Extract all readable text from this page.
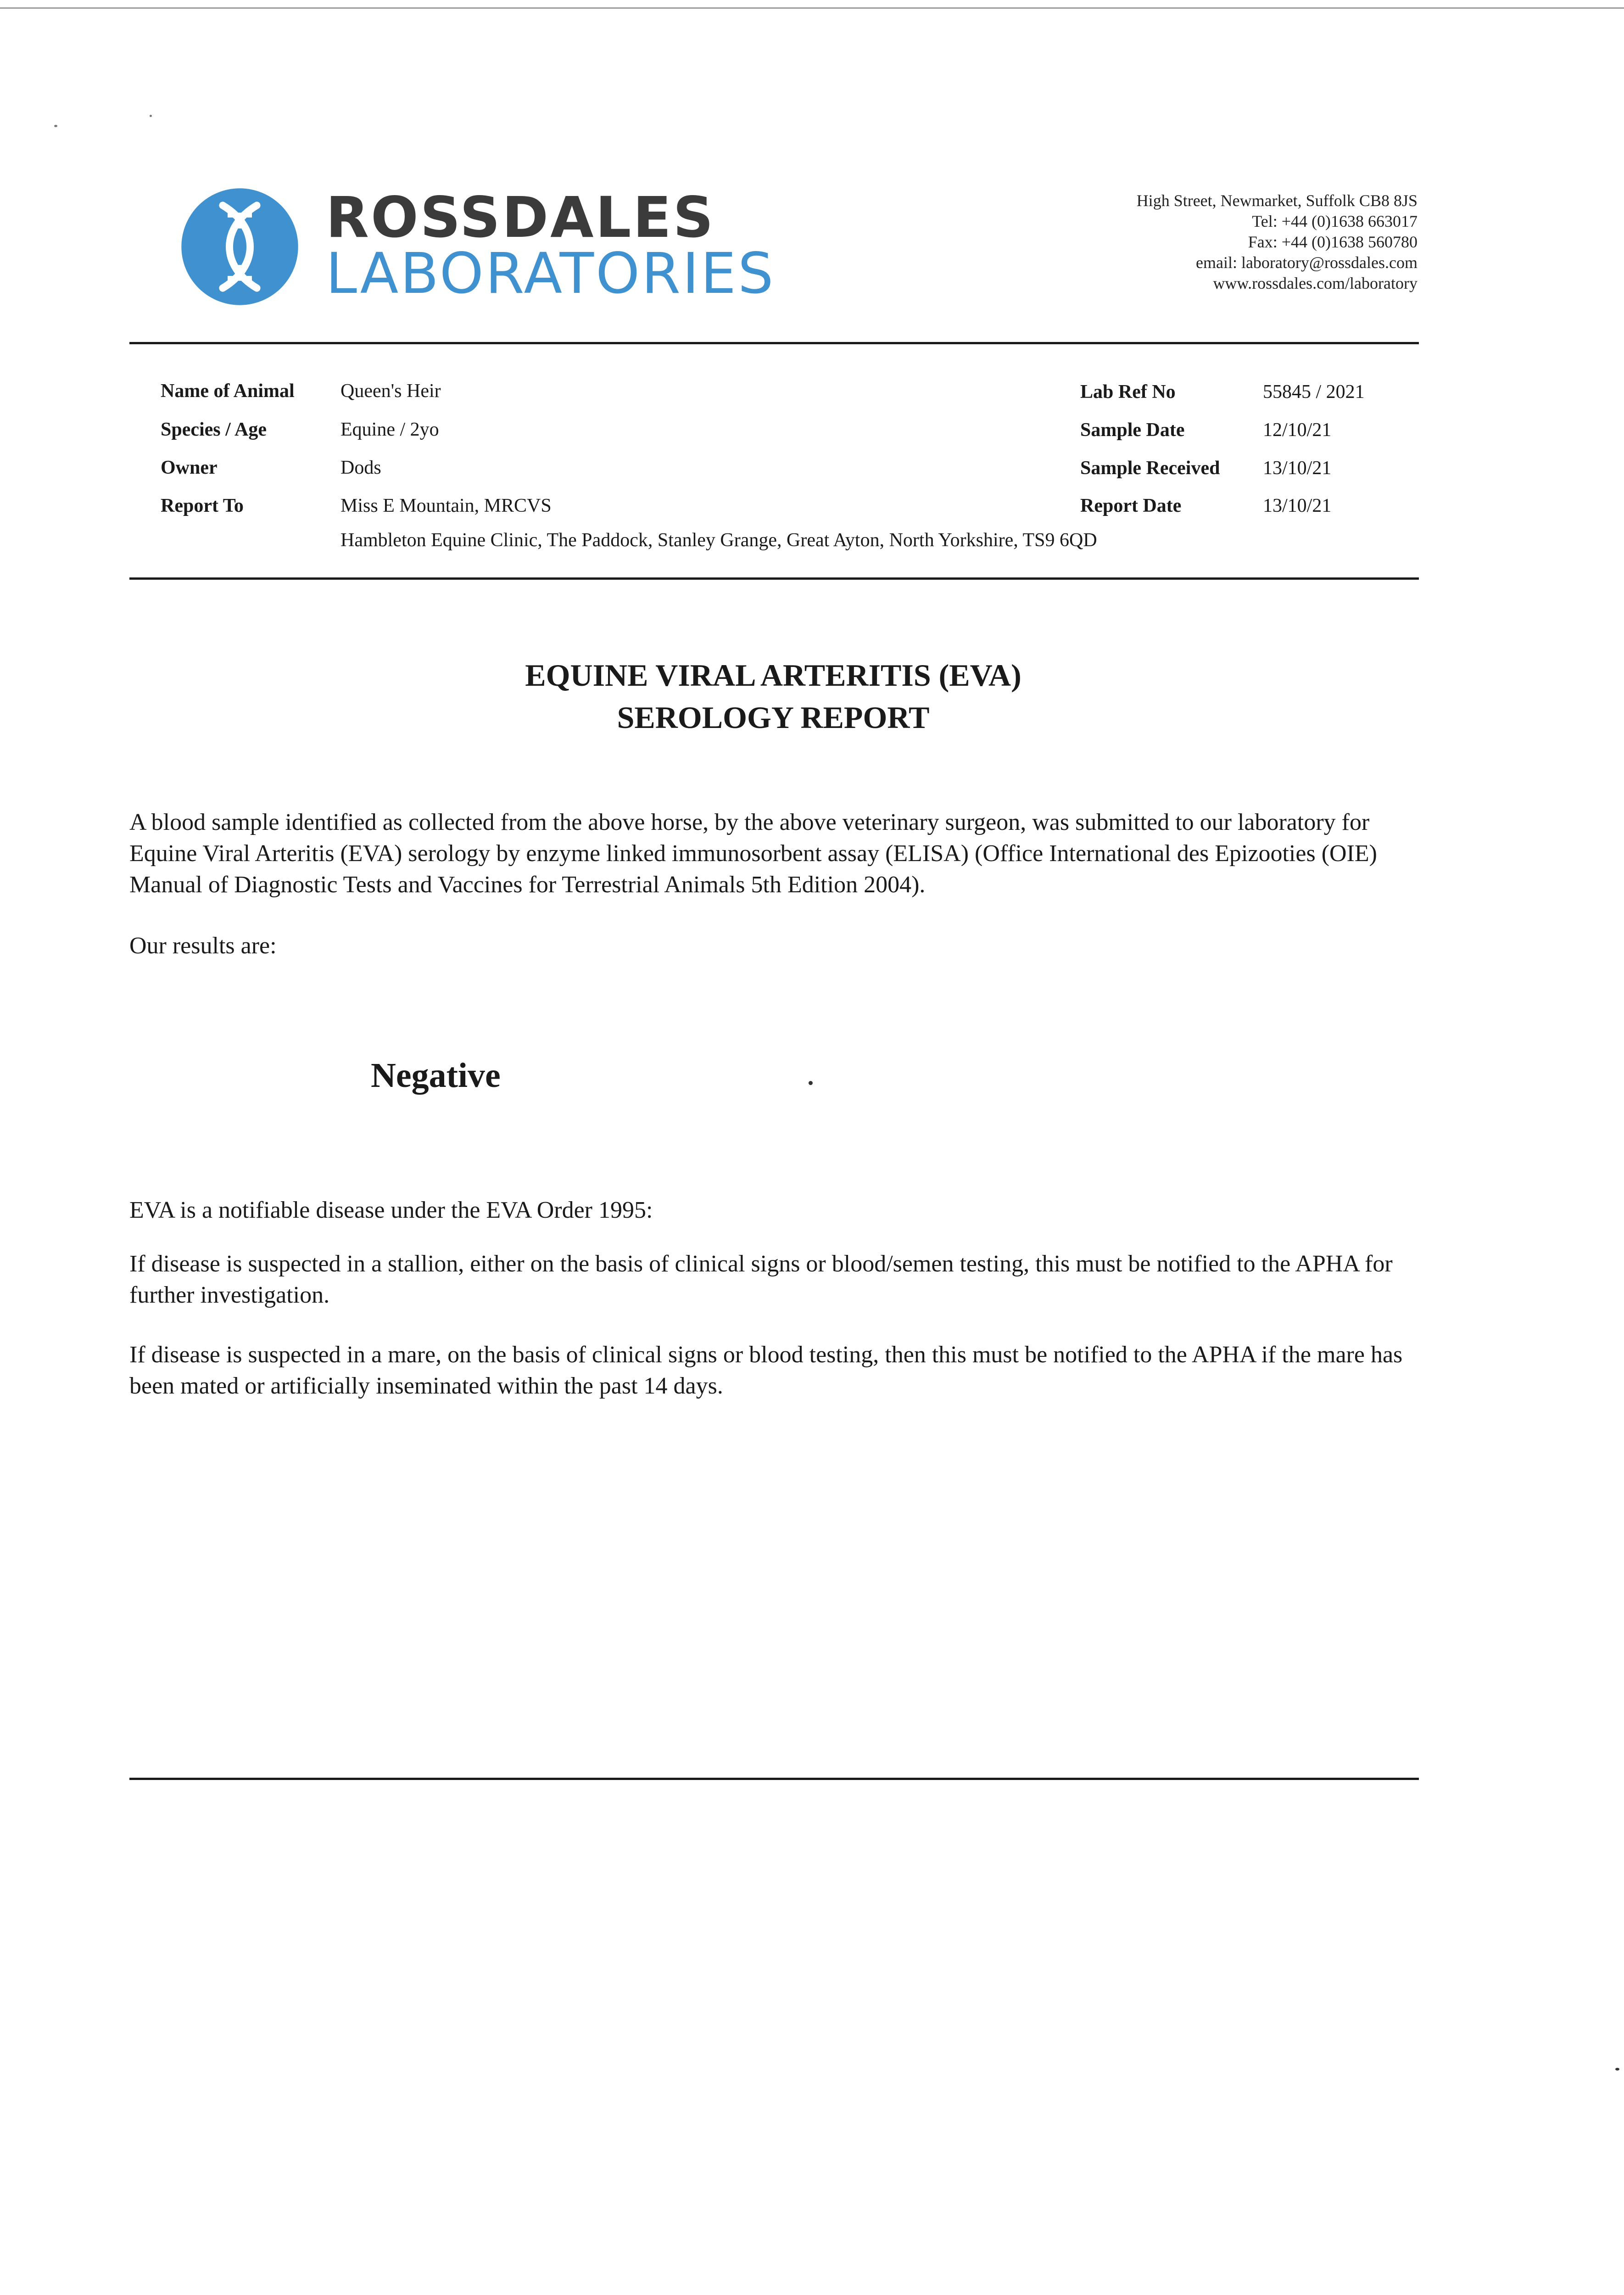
ROSSDALES
LABORATORIES
High Street, Newmarket, Suffolk CB8 8JS
Tel: +44 (0)1638 663017
Fax: +44 (0)1638 560780
email: laboratory@rossdales.com
www.rossdales.com/laboratory
Name of Animal Queen's Heir
Species / Age	Equine / 2yo
Owner	Dods
Report To	Miss E Mountain, MRCVS
Hambleton Equine Clinic, The Paddock, Stanley Grange, Great Ayton, North Yorkshire, TS9 6QD
Lab Ref No	55845 / 2021
Sample Date	12/10/21
Sample Received 13/10/21
Report Date	13/10/21
EQUINE VIRAL ARTERITIS (EVA)
SEROLOGY REPORT
A blood sample identified as collected from the above horse, by the above veterinary surgeon, was submitted to our laboratory for Equine Viral Arteritis (EVA) serology by enzyme linked immunosorbent assay (ELISA) (Office International des Epizooties (OIE) Manual of Diagnostic Tests and Vaccines for Terrestrial Animals 5th Edition 2004).
Our results are:
Negative
EVA is a notifiable disease under the EVA Order 1995:
If disease is suspected in a stallion, either on the basis of clinical signs or blood/semen testing, this must be notified to the APHA for further investigation.
If disease is suspected in a mare, on the basis of clinical signs or blood testing, then this must be notified to the APHA if the mare has been mated or artificially inseminated within the past 14 days.
